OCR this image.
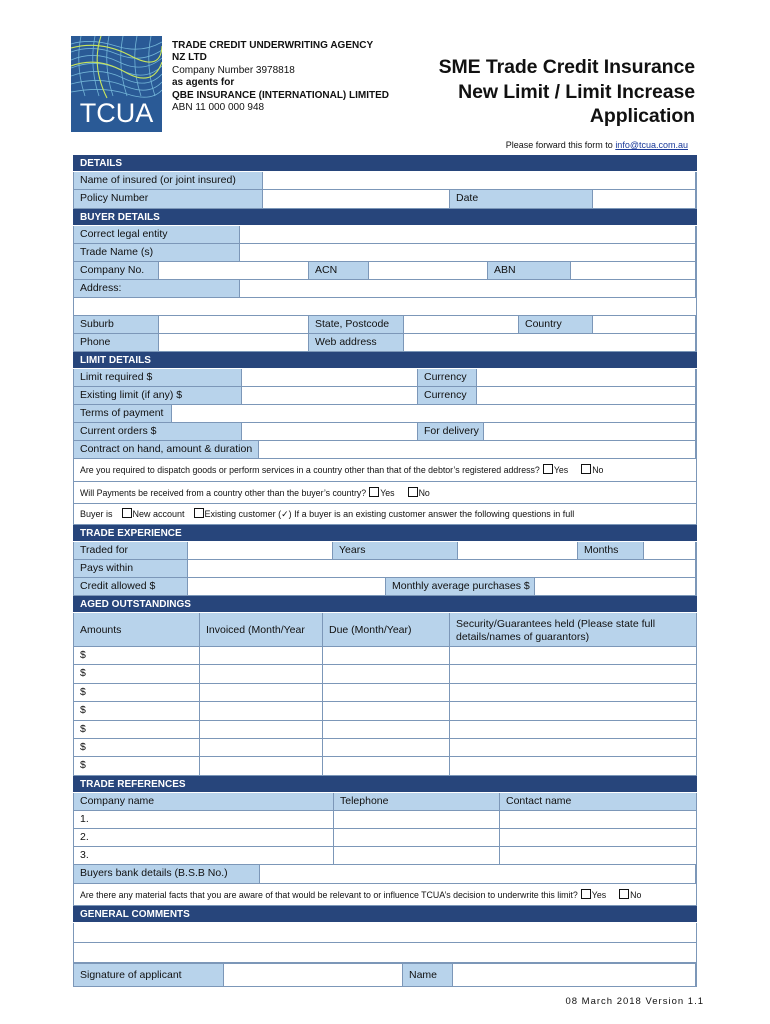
TCUA
TRADE CREDIT UNDERWRITING AGENCY
NZ LTD
Company Number 3978818
as agents for
QBE INSURANCE (INTERNATIONAL) LIMITED
ABN 11 000 000 948
SME Trade Credit Insurance
New Limit / Limit Increase
Application
Please forward this form to info@tcua.com.au
DETAILS
Name of insured (or joint insured)
Policy Number	Date
BUYER DETAILS
Correct legal entity
Trade Name (s)
Company No.	ACN	ABN
Address:
Suburb	State, Postcode	Country
Phone	Web address
LIMIT DETAILS
Limit required $	Currency
Existing limit (if any) $	Currency
Terms of payment
Current orders $	For delivery
Contract on hand, amount & duration
Are you required to dispatch goods or perform services in a country other than that of the debtor’s registered address? Yes	No
Will Payments be received from a country other than the buyer’s country? Yes	No
Buyer is New account Existing customer (✓) If a buyer is an existing customer answer the following questions in full
TRADE EXPERIENCE
Traded for	Years	Months
Pays within
Credit allowed $	Monthly average purchases $
AGED OUTSTANDINGS
Amounts	Invoiced (Month/Year	Due (Month/Year)	Security/Guarantees held (Please state full details/names of guarantors)
$
$
$
$
$
$
$
TRADE REFERENCES
Company name	Telephone	Contact name
1.
2.
3.
Buyers bank details (B.S.B No.)
Are there any material facts that you are aware of that would be relevant to or influence TCUA’s decision to underwrite this limit? Yes	No
GENERAL COMMENTS
Signature of applicant	Name
08 March 2018 Version 1.1
